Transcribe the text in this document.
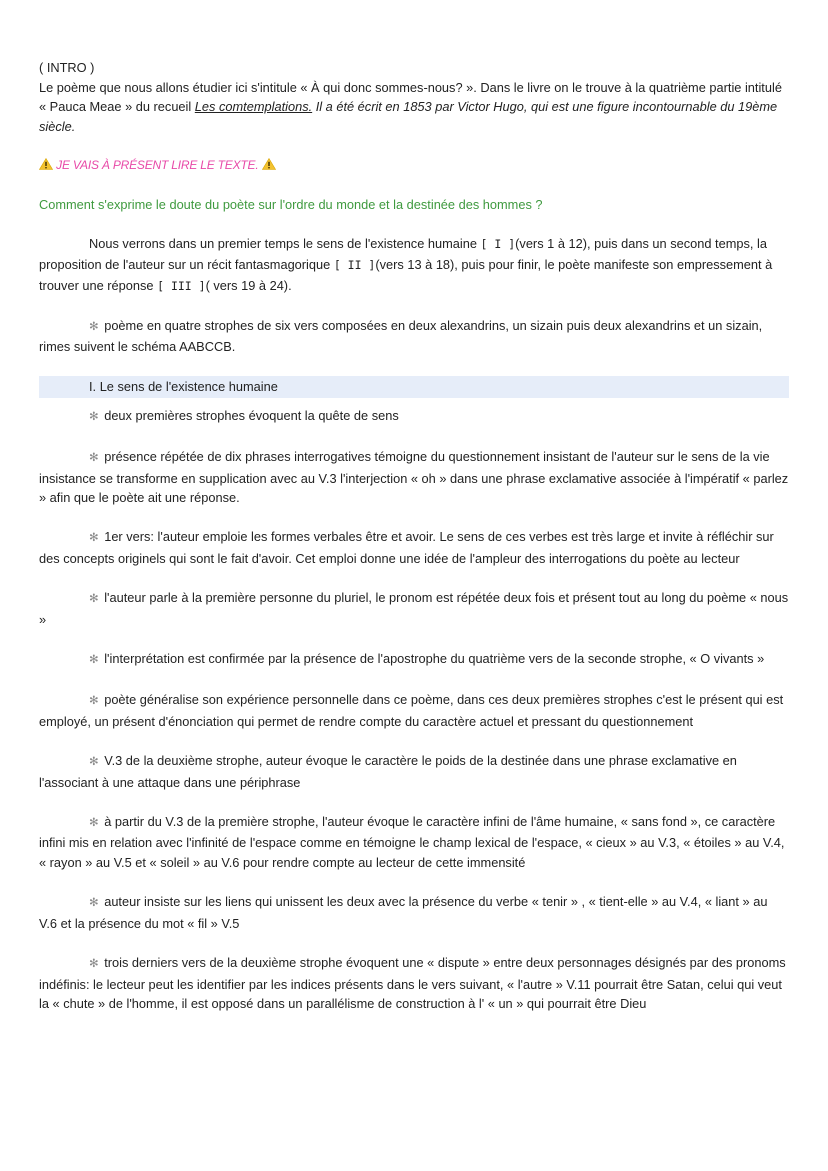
( INTRO )

Le poème que nous allons étudier ici s'intitule « À qui donc sommes-nous? ». Dans le livre on le trouve à la quatrième partie intitulé « Pauca Meae » du recueil Les comtemplations. Il a été écrit en 1853 par Victor Hugo, qui est une figure incontournable du 19ème siècle.

JE VAIS À PRÉSENT LIRE LE TEXTE.

Comment s'exprime le doute du poète sur l'ordre du monde et la destinée des hommes ?

Nous verrons dans un premier temps le sens de l'existence humaine [ I ](vers 1 à 12), puis dans un second temps, la proposition de l'auteur sur un récit fantasmagorique [ II ](vers 13 à 18), puis pour finir, le poète manifeste son empressement à trouver une réponse [ III ]( vers 19 à 24).

✻ poème en quatre strophes de six vers composées en deux alexandrins, un sizain puis deux alexandrins et un sizain, rimes suivent le schéma AABCCB.

I. Le sens de l'existence humaine

✻ deux premières strophes évoquent la quête de sens

✻ présence répétée de dix phrases interrogatives témoigne du questionnement insistant de l'auteur sur le sens de la vie insistance se transforme en supplication avec au V.3 l'interjection « oh » dans une phrase exclamative associée à l'impératif « parlez » afin que le poète ait une réponse.

✻ 1er vers: l'auteur emploie les formes verbales être et avoir. Le sens de ces verbes est très large et invite à réfléchir sur des concepts originels qui sont le fait d'avoir. Cet emploi donne une idée de l'ampleur des interrogations du poète au lecteur

✻ l'auteur parle à la première personne du pluriel, le pronom est répétée deux fois et présent tout au long du poème « nous »

✻ l'interprétation est confirmée par la présence de l'apostrophe du quatrième vers de la seconde strophe, « O vivants »

✻ poète généralise son expérience personnelle dans ce poème, dans ces deux premières strophes c'est le présent qui est employé, un présent d'énonciation qui permet de rendre compte du caractère actuel et pressant du questionnement

✻ V.3 de la deuxième strophe, auteur évoque le caractère le poids de la destinée dans une phrase exclamative en l'associant à une attaque dans une périphrase

✻ à partir du V.3 de la première strophe, l'auteur évoque le caractère infini de l'âme humaine, « sans fond », ce caractère infini mis en relation avec l'infinité de l'espace comme en témoigne le champ lexical de l'espace, « cieux » au V.3, « étoiles » au V.4, « rayon » au V.5 et « soleil » au V.6 pour rendre compte au lecteur de cette immensité

✻ auteur insiste sur les liens qui unissent les deux avec la présence du verbe « tenir » , « tient-elle » au V.4, « liant » au V.6 et la présence du mot « fil » V.5

✻ trois derniers vers de la deuxième strophe évoquent une « dispute » entre deux personnages désignés par des pronoms indéfinis: le lecteur peut les identifier par les indices présents dans le vers suivant, « l'autre » V.11 pourrait être Satan, celui qui veut la « chute » de l'homme, il est opposé dans un parallélisme de construction à l' « un » qui pourrait être Dieu
